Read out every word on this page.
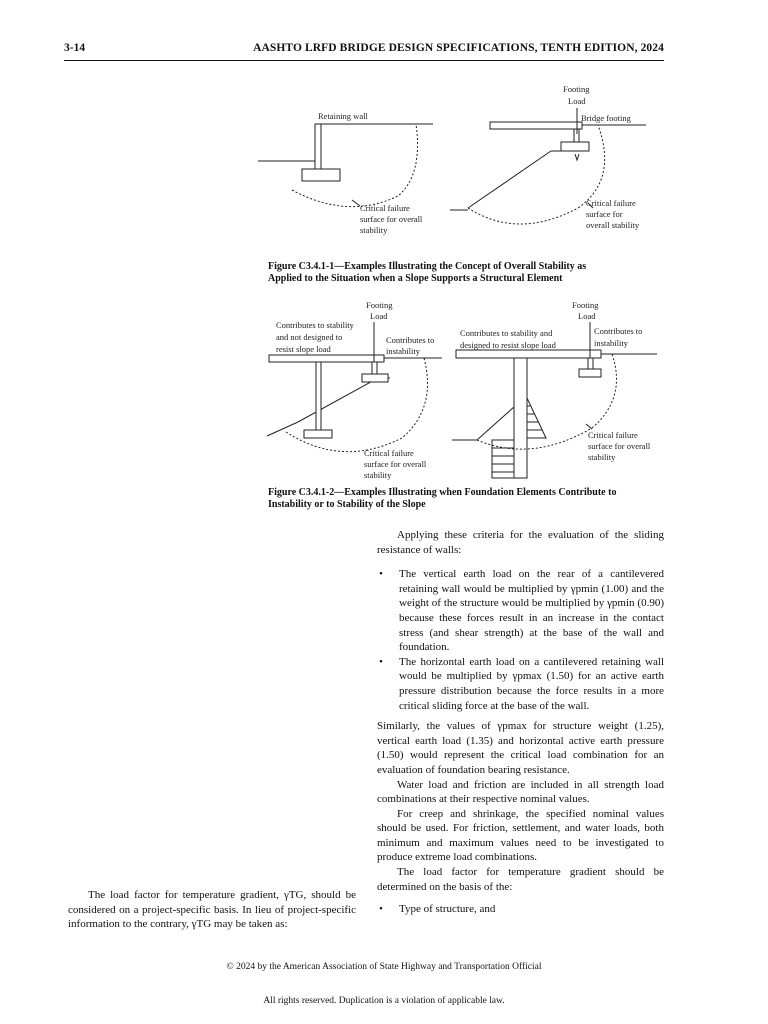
3-14	AASHTO LRFD BRIDGE DESIGN SPECIFICATIONS, TENTH EDITION, 2024
Retaining wall
Footing
Load
Bridge footing
Critical failure
surface for overall
stability
Critical failure
surface for
overall stability
Figure C3.4.1-1—Examples Illustrating the Concept of Overall Stability as
Applied to the Situation when a Slope Supports a Structural Element
Footing
Load
Contributes to stability
and not designed to
resist slope load
Contributes to
instability
Footing
Load
Contributes to stability and
designed to resist slope load
Contributes to
instability
Critical failure
surface for overall
stability
Critical failure
surface for overall
stability
Figure C3.4.1-2—Examples Illustrating when Foundation Elements Contribute to
Instability or to Stability of the Slope

Applying these criteria for the evaluation of the sliding resistance of walls:

• The vertical earth load on the rear of a cantilevered retaining wall would be multiplied by γpmin (1.00) and the weight of the structure would be multiplied by γpmin (0.90) because these forces result in an increase in the contact stress (and shear strength) at the base of the wall and foundation.
• The horizontal earth load on a cantilevered retaining wall would be multiplied by γpmax (1.50) for an active earth pressure distribution because the force results in a more critical sliding force at the base of the wall.

Similarly, the values of γpmax for structure weight (1.25), vertical earth load (1.35) and horizontal active earth pressure (1.50) would represent the critical load combination for an evaluation of foundation bearing resistance.

Water load and friction are included in all strength load combinations at their respective nominal values.

For creep and shrinkage, the specified nominal values should be used. For friction, settlement, and water loads, both minimum and maximum values need to be investigated to produce extreme load combinations.

The load factor for temperature gradient should be determined on the basis of the:

• Type of structure, and

The load factor for temperature gradient, γTG, should be considered on a project-specific basis. In lieu of project-specific information to the contrary, γTG may be taken as:

© 2024 by the American Association of State Highway and Transportation Official
All rights reserved. Duplication is a violation of applicable law.
